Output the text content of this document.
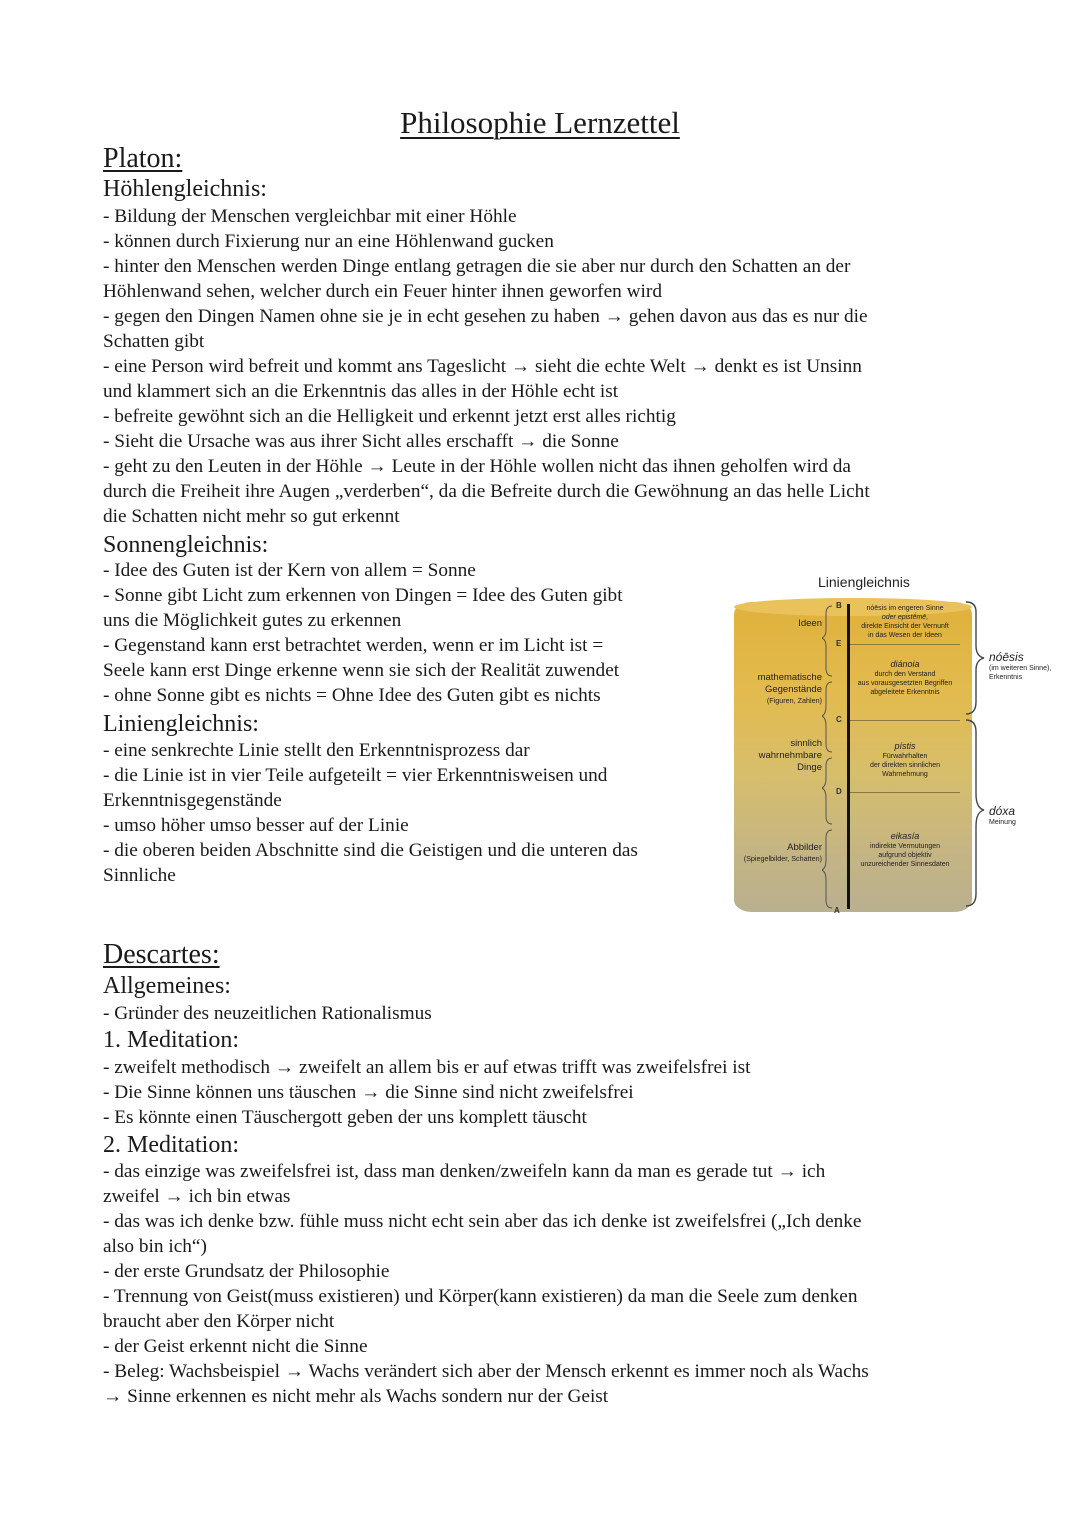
Philosophie Lernzettel
Platon:
Höhlengleichnis:
- Bildung der Menschen vergleichbar mit einer Höhle
- können durch Fixierung nur an eine Höhlenwand gucken
- hinter den Menschen werden Dinge entlang getragen die sie aber nur durch den Schatten an der
Höhlenwand sehen, welcher durch ein Feuer hinter ihnen geworfen wird
- gegen den Dingen Namen ohne sie je in echt gesehen zu haben → gehen davon aus das es nur die
Schatten gibt
- eine Person wird befreit und kommt ans Tageslicht → sieht die echte Welt → denkt es ist Unsinn
und klammert sich an die Erkenntnis das alles in der Höhle echt ist
- befreite gewöhnt sich an die Helligkeit und erkennt jetzt erst alles richtig
- Sieht die Ursache was aus ihrer Sicht alles erschafft → die Sonne
- geht zu den Leuten in der Höhle → Leute in der Höhle wollen nicht das ihnen geholfen wird da
durch die Freiheit ihre Augen „verderben“, da die Befreite durch die Gewöhnung an das helle Licht
die Schatten nicht mehr so gut erkennt
Sonnengleichnis:
- Idee des Guten ist der Kern von allem = Sonne
- Sonne gibt Licht zum erkennen von Dingen = Idee des Guten gibt
uns die Möglichkeit gutes zu erkennen
- Gegenstand kann erst betrachtet werden, wenn er im Licht ist =
Seele kann erst Dinge erkenne wenn sie sich der Realität zuwendet
- ohne Sonne gibt es nichts = Ohne Idee des Guten gibt es nichts
Liniengleichnis:
- eine senkrechte Linie stellt den Erkenntnisprozess dar
- die Linie ist in vier Teile aufgeteilt = vier Erkenntnisweisen und
Erkenntnisgegenstände
- umso höher umso besser auf der Linie
- die oberen beiden Abschnitte sind die Geistigen und die unteren das
Sinnliche
Liniengleichnis
B
E
C
D
A
Ideen
mathematische
Gegenstände
(Figuren, Zahlen)
sinnlich
wahrnehmbare
Dinge
Abbilder
(Spiegelbilder, Schatten)
nóēsis im engeren Sinne
oder epistḗmē,
direkte Einsicht der Vernunft
in das Wesen der Ideen
diánoia
durch den Verstand
aus vorausgesetzten Begriffen
abgeleitete Erkenntnis
pístis
Fürwahrhalten
der direkten sinnlichen
Wahrnehmung
eikasía
indirekte Vermutungen
aufgrund objektiv
unzureichender Sinnesdaten
nóēsis
(im weiteren Sinne),
Erkenntnis
dóxa
Meinung
Descartes:
Allgemeines:
- Gründer des neuzeitlichen Rationalismus
1. Meditation:
- zweifelt methodisch → zweifelt an allem bis er auf etwas trifft was zweifelsfrei ist
- Die Sinne können uns täuschen → die Sinne sind nicht zweifelsfrei
- Es könnte einen Täuschergott geben der uns komplett täuscht
2. Meditation:
- das einzige was zweifelsfrei ist, dass man denken/zweifeln kann da man es gerade tut → ich
zweifel → ich bin etwas
- das was ich denke bzw. fühle muss nicht echt sein aber das ich denke ist zweifelsfrei („Ich denke
also bin ich“)
- der erste Grundsatz der Philosophie
- Trennung von Geist(muss existieren) und Körper(kann existieren) da man die Seele zum denken
braucht aber den Körper nicht
- der Geist erkennt nicht die Sinne
- Beleg: Wachsbeispiel → Wachs verändert sich aber der Mensch erkennt es immer noch als Wachs
→ Sinne erkennen es nicht mehr als Wachs sondern nur der Geist
